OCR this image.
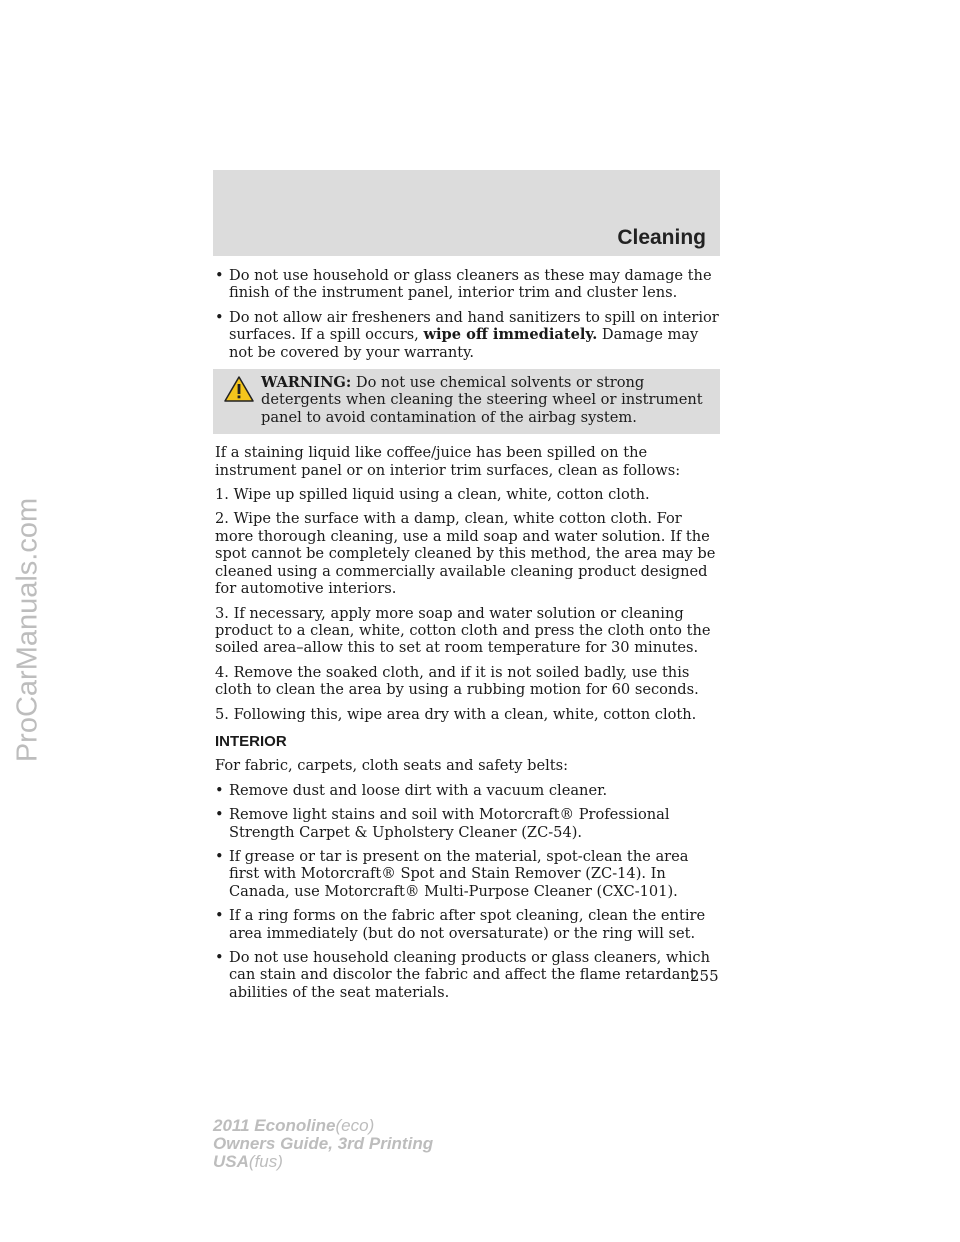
ProCarManuals.com
Cleaning
• Do not use household or glass cleaners as these may damage the finish of the instrument panel, interior trim and cluster lens.
• Do not allow air fresheners and hand sanitizers to spill on interior surfaces. If a spill occurs, wipe off immediately. Damage may not be covered by your warranty.
WARNING: Do not use chemical solvents or strong detergents when cleaning the steering wheel or instrument panel to avoid contamination of the airbag system.

If a staining liquid like coffee/juice has been spilled on the instrument panel or on interior trim surfaces, clean as follows:

1. Wipe up spilled liquid using a clean, white, cotton cloth.

2. Wipe the surface with a damp, clean, white cotton cloth. For more thorough cleaning, use a mild soap and water solution. If the spot cannot be completely cleaned by this method, the area may be cleaned using a commercially available cleaning product designed for automotive interiors.

3. If necessary, apply more soap and water solution or cleaning product to a clean, white, cotton cloth and press the cloth onto the soiled area–allow this to set at room temperature for 30 minutes.

4. Remove the soaked cloth, and if it is not soiled badly, use this cloth to clean the area by using a rubbing motion for 60 seconds.

5. Following this, wipe area dry with a clean, white, cotton cloth.

INTERIOR

For fabric, carpets, cloth seats and safety belts:

• Remove dust and loose dirt with a vacuum cleaner.
• Remove light stains and soil with Motorcraft® Professional Strength Carpet & Upholstery Cleaner (ZC-54).
• If grease or tar is present on the material, spot-clean the area first with Motorcraft® Spot and Stain Remover (ZC-14). In Canada, use Motorcraft® Multi-Purpose Cleaner (CXC-101).
• If a ring forms on the fabric after spot cleaning, clean the entire area immediately (but do not oversaturate) or the ring will set.
• Do not use household cleaning products or glass cleaners, which can stain and discolor the fabric and affect the flame retardant abilities of the seat materials.
255
2011 Econoline(eco)
Owners Guide, 3rd Printing
USA(fus)
